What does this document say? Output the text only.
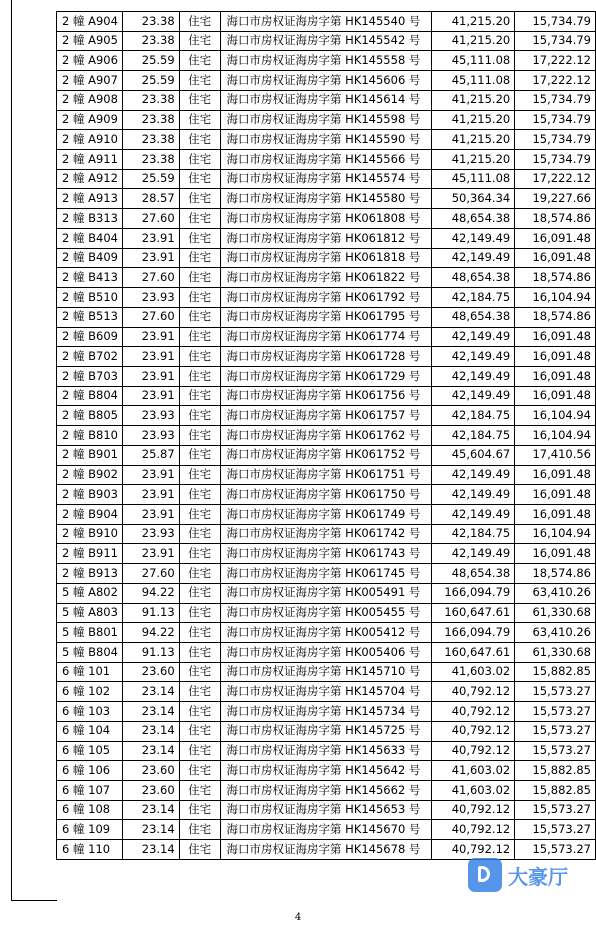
2 幢 A904	23.38	住宅	海口市房权证海房字第 HK145540 号	41,215.20	15,734.79
2 幢 A905	23.38	住宅	海口市房权证海房字第 HK145542 号	41,215.20	15,734.79
2 幢 A906	25.59	住宅	海口市房权证海房字第 HK145558 号	45,111.08	17,222.12
2 幢 A907	25.59	住宅	海口市房权证海房字第 HK145606 号	45,111.08	17,222.12
2 幢 A908	23.38	住宅	海口市房权证海房字第 HK145614 号	41,215.20	15,734.79
2 幢 A909	23.38	住宅	海口市房权证海房字第 HK145598 号	41,215.20	15,734.79
2 幢 A910	23.38	住宅	海口市房权证海房字第 HK145590 号	41,215.20	15,734.79
2 幢 A911	23.38	住宅	海口市房权证海房字第 HK145566 号	41,215.20	15,734.79
2 幢 A912	25.59	住宅	海口市房权证海房字第 HK145574 号	45,111.08	17,222.12
2 幢 A913	28.57	住宅	海口市房权证海房字第 HK145580 号	50,364.34	19,227.66
2 幢 B313	27.60	住宅	海口市房权证海房字第 HK061808 号	48,654.38	18,574.86
2 幢 B404	23.91	住宅	海口市房权证海房字第 HK061812 号	42,149.49	16,091.48
2 幢 B409	23.91	住宅	海口市房权证海房字第 HK061818 号	42,149.49	16,091.48
2 幢 B413	27.60	住宅	海口市房权证海房字第 HK061822 号	48,654.38	18,574.86
2 幢 B510	23.93	住宅	海口市房权证海房字第 HK061792 号	42,184.75	16,104.94
2 幢 B513	27.60	住宅	海口市房权证海房字第 HK061795 号	48,654.38	18,574.86
2 幢 B609	23.91	住宅	海口市房权证海房字第 HK061774 号	42,149.49	16,091.48
2 幢 B702	23.91	住宅	海口市房权证海房字第 HK061728 号	42,149.49	16,091.48
2 幢 B703	23.91	住宅	海口市房权证海房字第 HK061729 号	42,149.49	16,091.48
2 幢 B804	23.91	住宅	海口市房权证海房字第 HK061756 号	42,149.49	16,091.48
2 幢 B805	23.93	住宅	海口市房权证海房字第 HK061757 号	42,184.75	16,104.94
2 幢 B810	23.93	住宅	海口市房权证海房字第 HK061762 号	42,184.75	16,104.94
2 幢 B901	25.87	住宅	海口市房权证海房字第 HK061752 号	45,604.67	17,410.56
2 幢 B902	23.91	住宅	海口市房权证海房字第 HK061751 号	42,149.49	16,091.48
2 幢 B903	23.91	住宅	海口市房权证海房字第 HK061750 号	42,149.49	16,091.48
2 幢 B904	23.91	住宅	海口市房权证海房字第 HK061749 号	42,149.49	16,091.48
2 幢 B910	23.93	住宅	海口市房权证海房字第 HK061742 号	42,184.75	16,104.94
2 幢 B911	23.91	住宅	海口市房权证海房字第 HK061743 号	42,149.49	16,091.48
2 幢 B913	27.60	住宅	海口市房权证海房字第 HK061745 号	48,654.38	18,574.86
5 幢 A802	94.22	住宅	海口市房权证海房字第 HK005491 号	166,094.79	63,410.26
5 幢 A803	91.13	住宅	海口市房权证海房字第 HK005455 号	160,647.61	61,330.68
5 幢 B801	94.22	住宅	海口市房权证海房字第 HK005412 号	166,094.79	63,410.26
5 幢 B804	91.13	住宅	海口市房权证海房字第 HK005406 号	160,647.61	61,330.68
6 幢 101	23.60	住宅	海口市房权证海房字第 HK145710 号	41,603.02	15,882.85
6 幢 102	23.14	住宅	海口市房权证海房字第 HK145704 号	40,792.12	15,573.27
6 幢 103	23.14	住宅	海口市房权证海房字第 HK145734 号	40,792.12	15,573.27
6 幢 104	23.14	住宅	海口市房权证海房字第 HK145725 号	40,792.12	15,573.27
6 幢 105	23.14	住宅	海口市房权证海房字第 HK145633 号	40,792.12	15,573.27
6 幢 106	23.60	住宅	海口市房权证海房字第 HK145642 号	41,603.02	15,882.85
6 幢 107	23.60	住宅	海口市房权证海房字第 HK145662 号	41,603.02	15,882.85
6 幢 108	23.14	住宅	海口市房权证海房字第 HK145653 号	40,792.12	15,573.27
6 幢 109	23.14	住宅	海口市房权证海房字第 HK145670 号	40,792.12	15,573.27
6 幢 110	23.14	住宅	海口市房权证海房字第 HK145678 号	40,792.12	15,573.27
4
大豪厅
